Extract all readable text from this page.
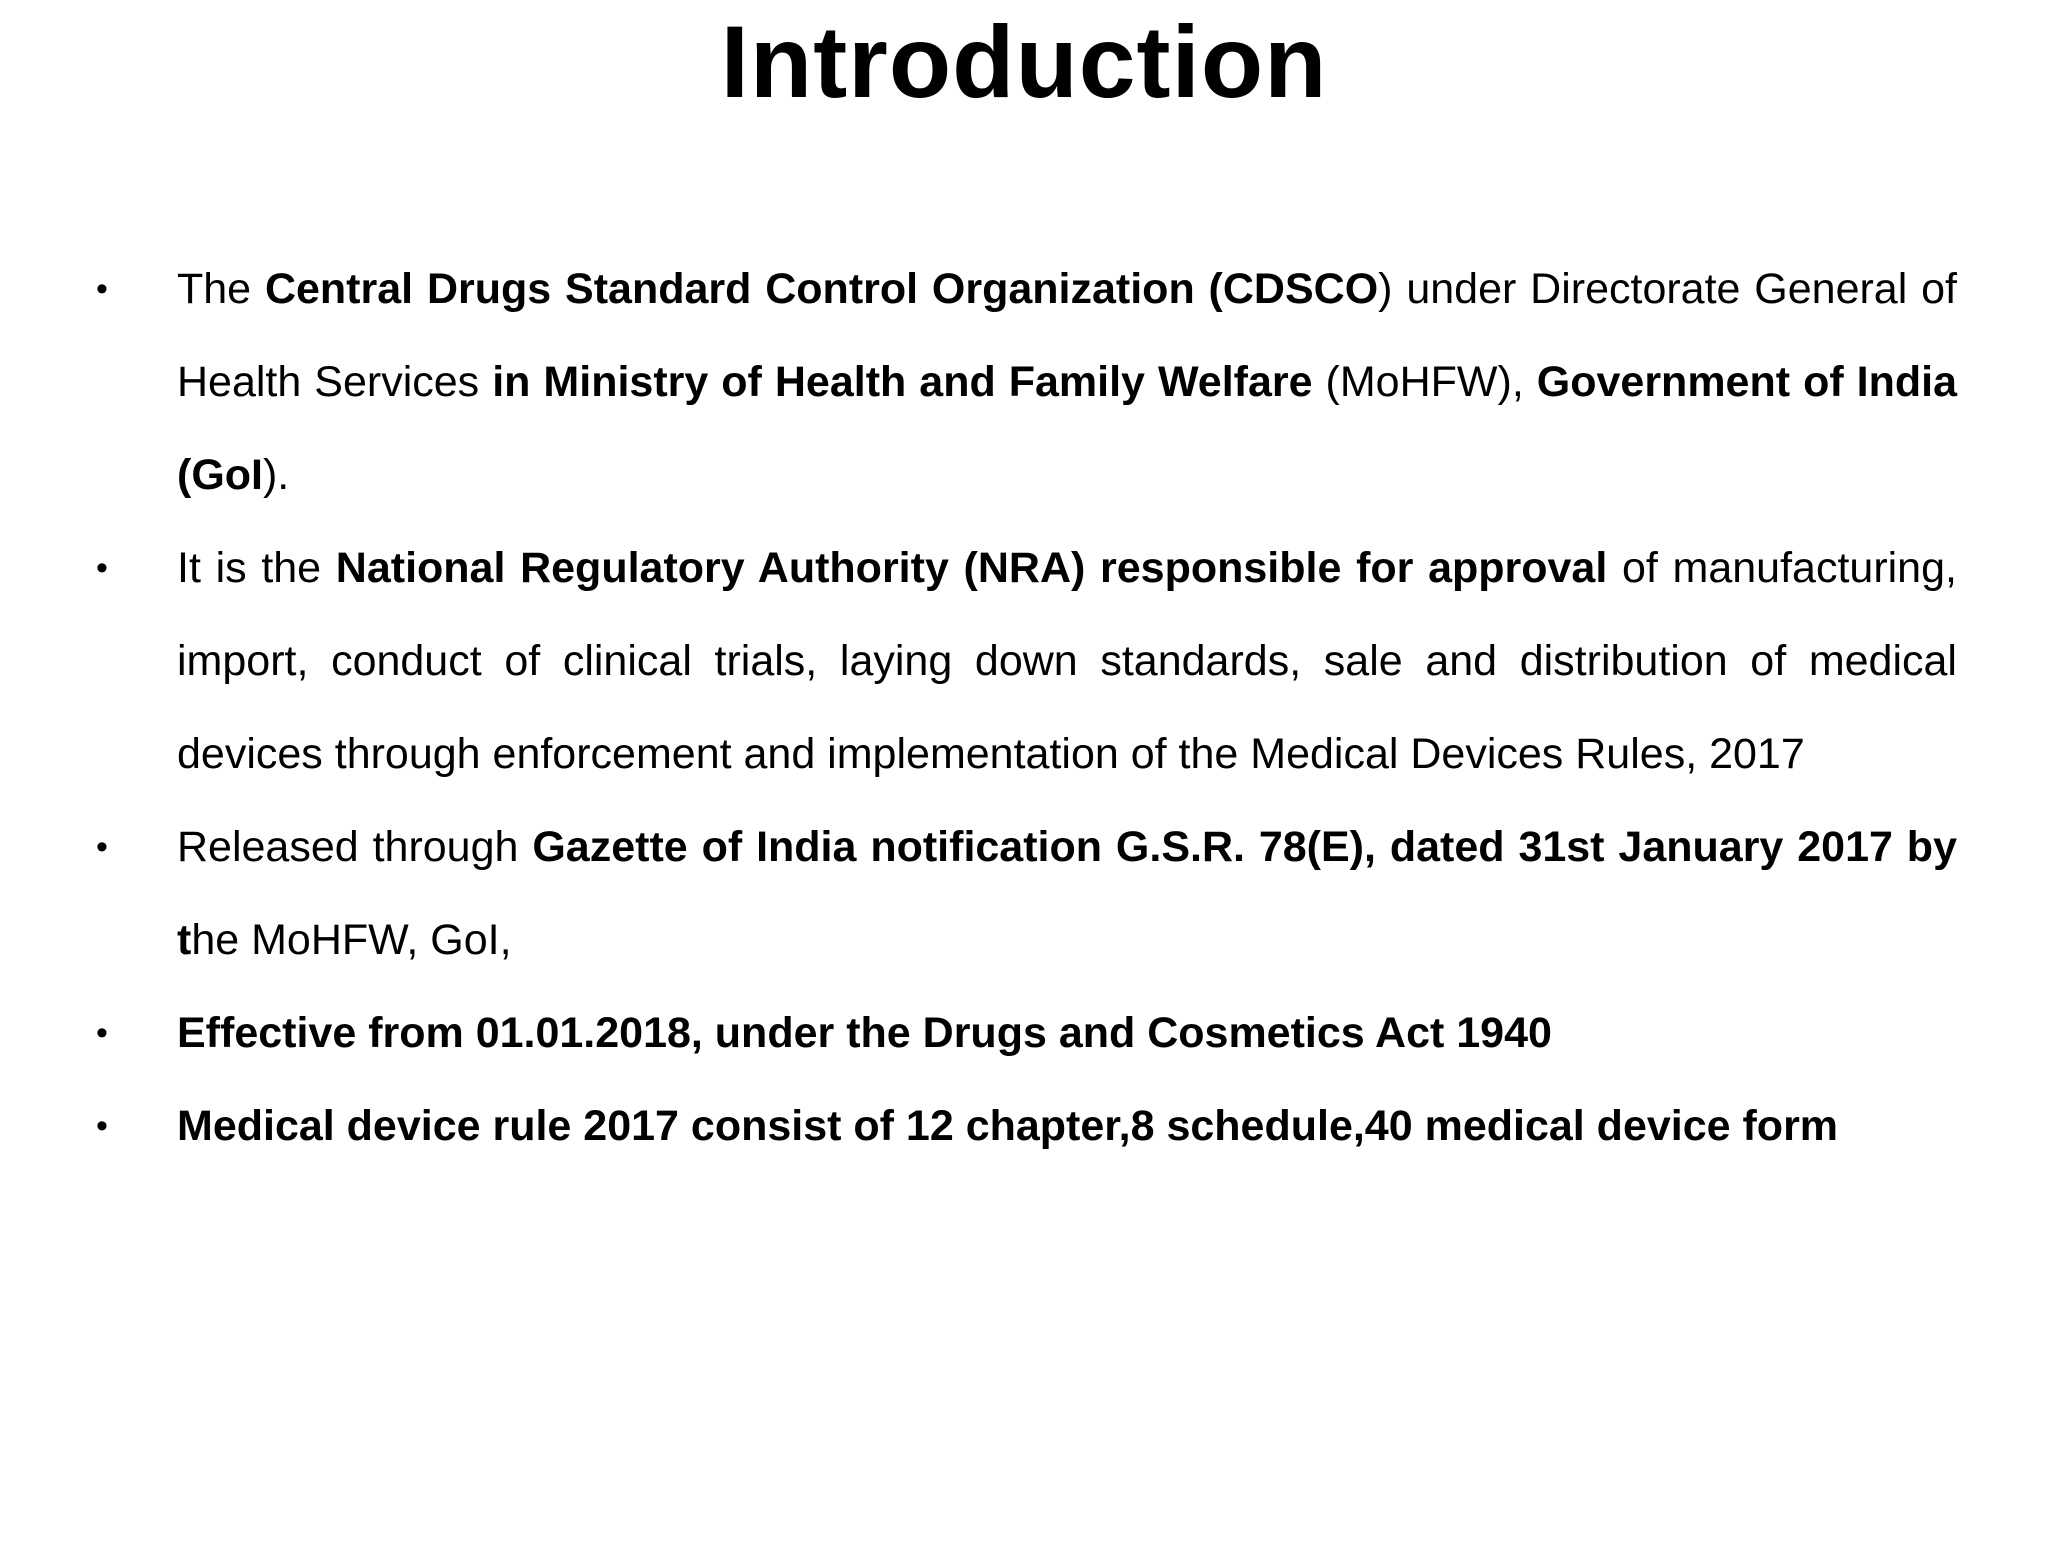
Introduction
•	The Central Drugs Standard Control Organization (CDSCO) under Directorate General of Health Services in Ministry of Health and Family Welfare (MoHFW), Government of India (GoI).
•	It is the National Regulatory Authority (NRA) responsible for approval of manufacturing, import, conduct of clinical trials, laying down standards, sale and distribution of medical devices through enforcement and implementation of the Medical Devices Rules, 2017
•	Released through Gazette of India notification G.S.R. 78(E), dated 31st January 2017 by the MoHFW, GoI,
•	Effective from 01.01.2018, under the Drugs and Cosmetics Act 1940
•	Medical device rule 2017 consist of 12 chapter,8 schedule,40 medical device form
